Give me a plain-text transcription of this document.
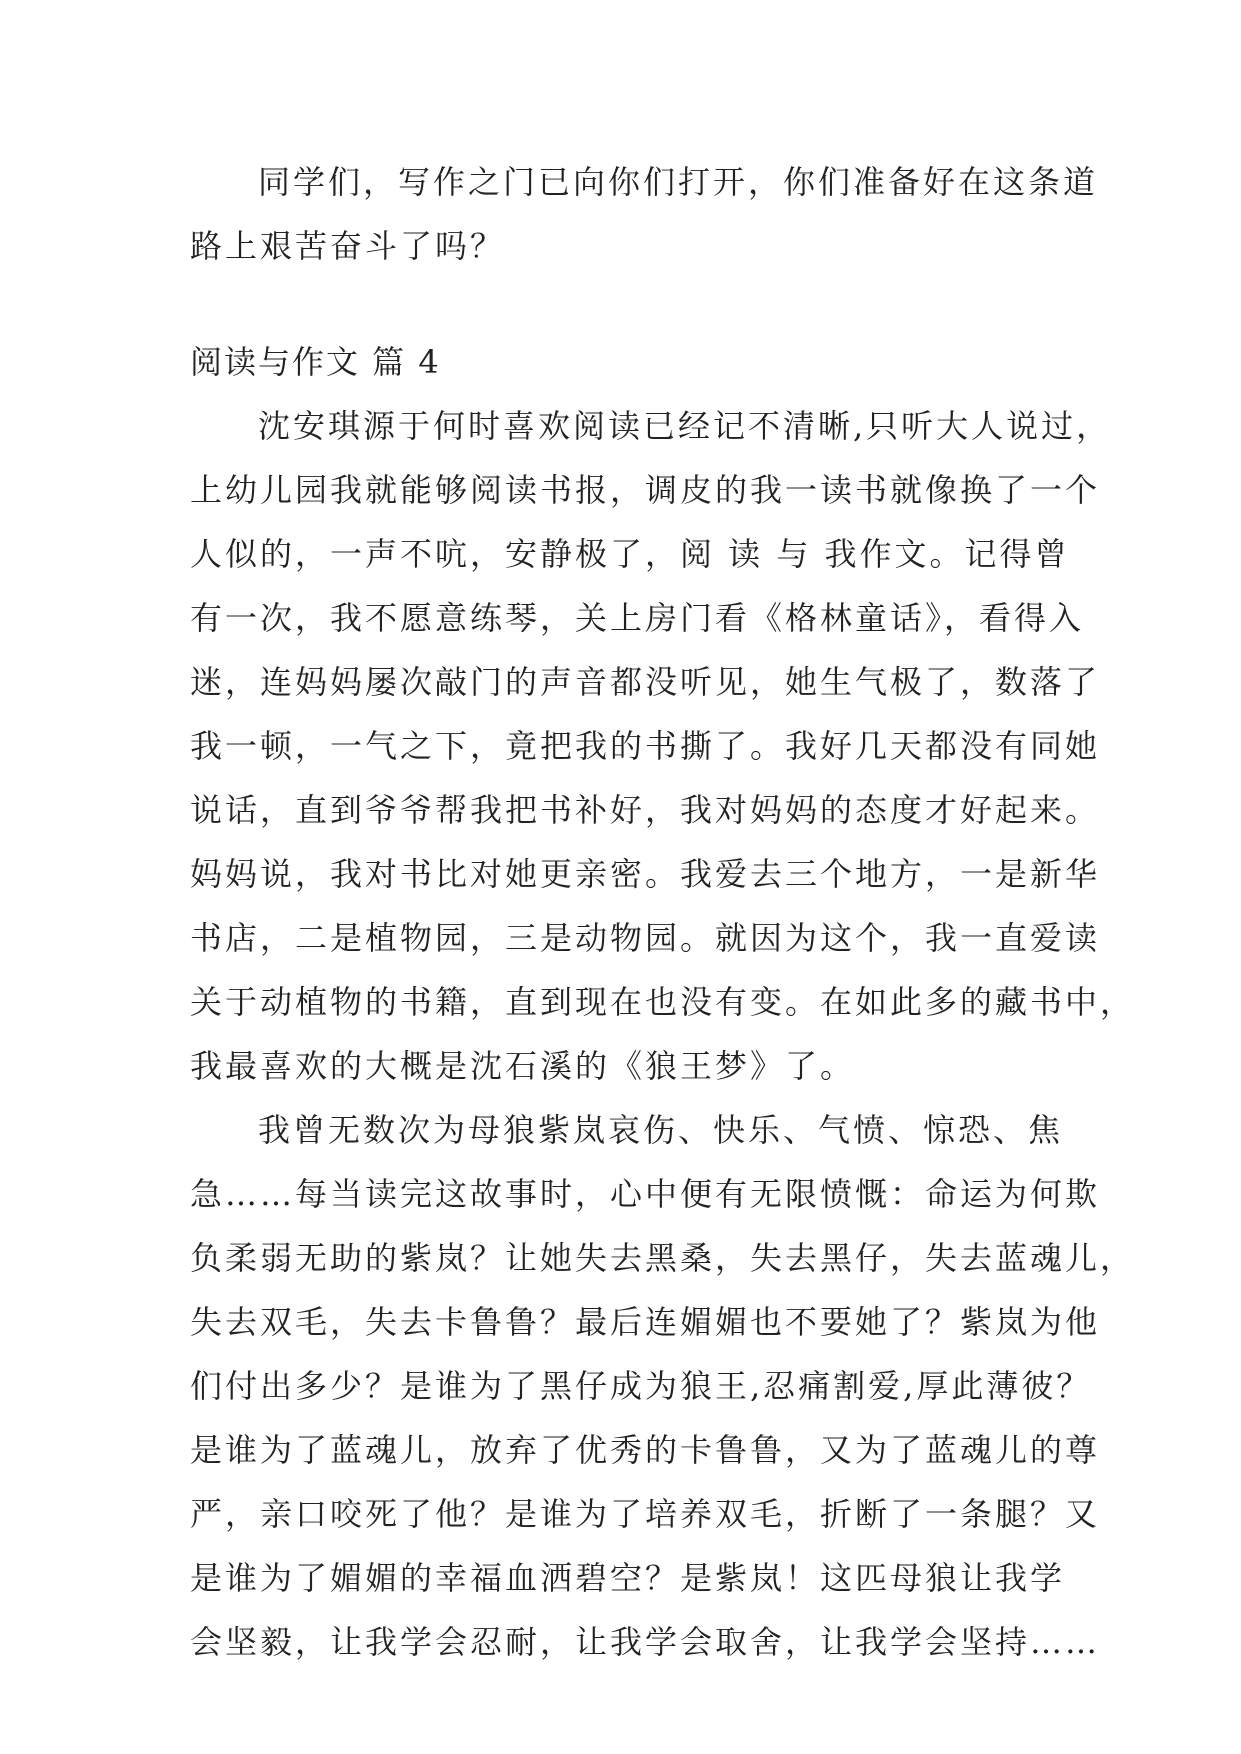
同学们，写作之门已向你们打开，你们准备好在这条道
路上艰苦奋斗了吗？
阅读与作文 篇 4
沈安琪源于何时喜欢阅读已经记不清晰,只听大人说过，
上幼儿园我就能够阅读书报，调皮的我一读书就像换了一个
人似的，一声不吭，安静极了，阅 读 与 我作文。记得曾
有一次，我不愿意练琴，关上房门看《格林童话》，看得入
迷，连妈妈屡次敲门的声音都没听见，她生气极了，数落了
我一顿，一气之下，竟把我的书撕了。我好几天都没有同她
说话，直到爷爷帮我把书补好，我对妈妈的态度才好起来。
妈妈说，我对书比对她更亲密。我爱去三个地方，一是新华
书店，二是植物园，三是动物园。就因为这个，我一直爱读
关于动植物的书籍，直到现在也没有变。在如此多的藏书中，
我最喜欢的大概是沈石溪的《狼王梦》了。
我曾无数次为母狼紫岚哀伤、快乐、气愤、惊恐、焦
急……每当读完这故事时，心中便有无限愤慨：命运为何欺
负柔弱无助的紫岚？让她失去黑桑，失去黑仔，失去蓝魂儿，
失去双毛，失去卡鲁鲁？最后连媚媚也不要她了？紫岚为他
们付出多少？是谁为了黑仔成为狼王,忍痛割爱,厚此薄彼？
是谁为了蓝魂儿，放弃了优秀的卡鲁鲁，又为了蓝魂儿的尊
严，亲口咬死了他？是谁为了培养双毛，折断了一条腿？又
是谁为了媚媚的幸福血洒碧空？是紫岚！这匹母狼让我学
会坚毅，让我学会忍耐，让我学会取舍，让我学会坚持……
